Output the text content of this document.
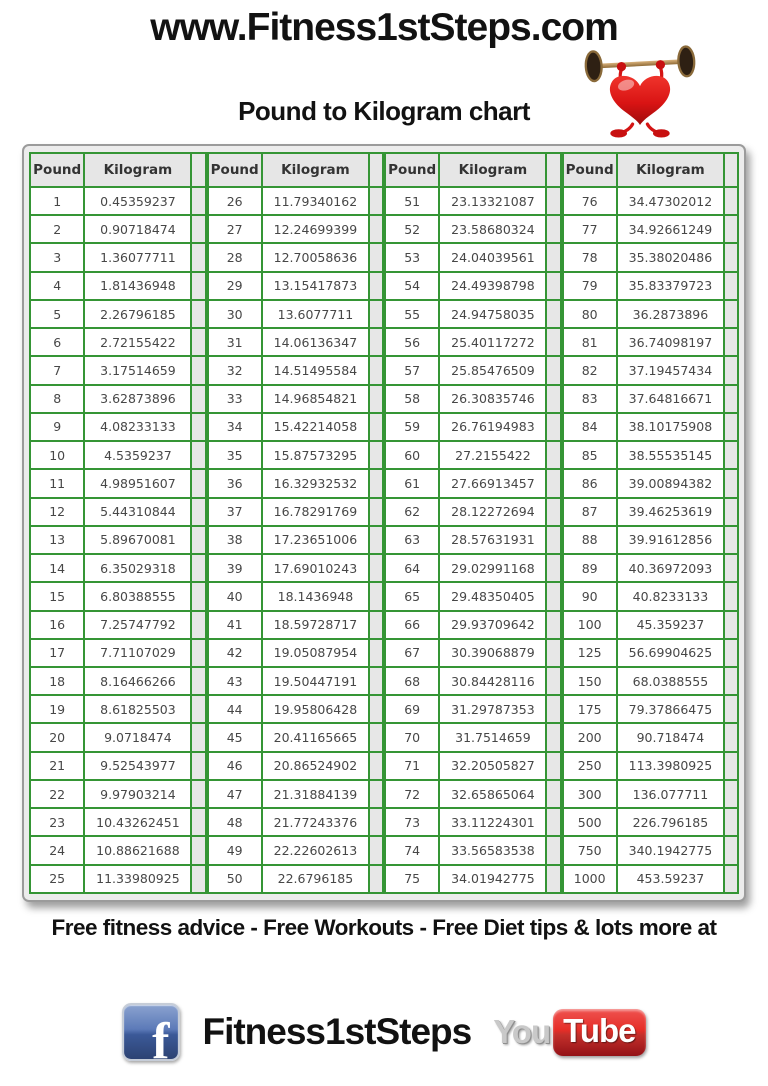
www.Fitness1stSteps.com
Pound to Kilogram chart
Pound	Kilogram	
1	0.45359237	
2	0.90718474	
3	1.36077711	
4	1.81436948	
5	2.26796185	
6	2.72155422	
7	3.17514659	
8	3.62873896	
9	4.08233133	
10	4.5359237	
11	4.98951607	
12	5.44310844	
13	5.89670081	
14	6.35029318	
15	6.80388555	
16	7.25747792	
17	7.71107029	
18	8.16466266	
19	8.61825503	
20	9.0718474	
21	9.52543977	
22	9.97903214	
23	10.43262451	
24	10.88621688	
25	11.33980925	
Pound	Kilogram	
26	11.79340162	
27	12.24699399	
28	12.70058636	
29	13.15417873	
30	13.6077711	
31	14.06136347	
32	14.51495584	
33	14.96854821	
34	15.42214058	
35	15.87573295	
36	16.32932532	
37	16.78291769	
38	17.23651006	
39	17.69010243	
40	18.1436948	
41	18.59728717	
42	19.05087954	
43	19.50447191	
44	19.95806428	
45	20.41165665	
46	20.86524902	
47	21.31884139	
48	21.77243376	
49	22.22602613	
50	22.6796185	
Pound	Kilogram	
51	23.13321087	
52	23.58680324	
53	24.04039561	
54	24.49398798	
55	24.94758035	
56	25.40117272	
57	25.85476509	
58	26.30835746	
59	26.76194983	
60	27.2155422	
61	27.66913457	
62	28.12272694	
63	28.57631931	
64	29.02991168	
65	29.48350405	
66	29.93709642	
67	30.39068879	
68	30.84428116	
69	31.29787353	
70	31.7514659	
71	32.20505827	
72	32.65865064	
73	33.11224301	
74	33.56583538	
75	34.01942775	
Pound	Kilogram	
76	34.47302012	
77	34.92661249	
78	35.38020486	
79	35.83379723	
80	36.2873896	
81	36.74098197	
82	37.19457434	
83	37.64816671	
84	38.10175908	
85	38.55535145	
86	39.00894382	
87	39.46253619	
88	39.91612856	
89	40.36972093	
90	40.8233133	
100	45.359237	
125	56.69904625	
150	68.0388555	
175	79.37866475	
200	90.718474	
250	113.3980925	
300	136.077711	
500	226.796185	
750	340.1942775	
1000	453.59237	
Free fitness advice - Free Workouts - Free Diet tips & lots more at
f Fitness1stSteps You Tube
